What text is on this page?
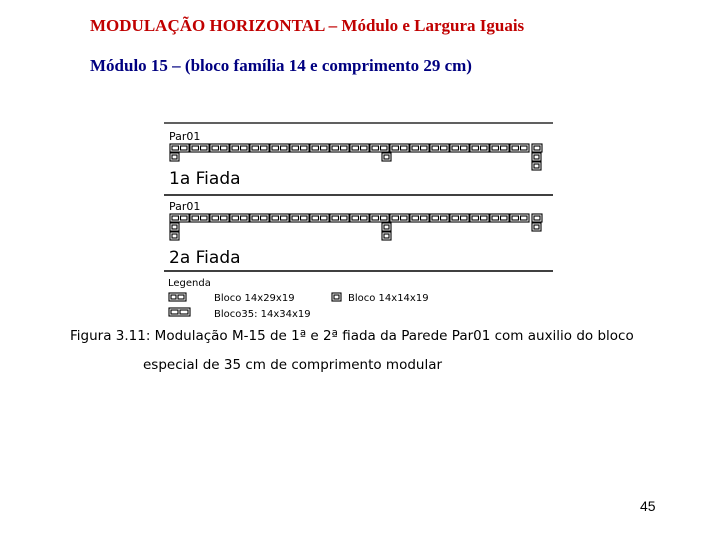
MODULAÇÃO HORIZONTAL – Módulo e Largura Iguais
Módulo 15 – (bloco família 14 e comprimento 29 cm)
Par01
1a Fiada
Par01
2a Fiada
Legenda
Bloco 14x29x19	Bloco 14x14x19
Bloco35: 14x34x19
Figura 3.11: Modulação M-15 de 1ª e 2ª fiada da Parede Par01 com auxilio do bloco
especial de 35 cm de comprimento modular
45
